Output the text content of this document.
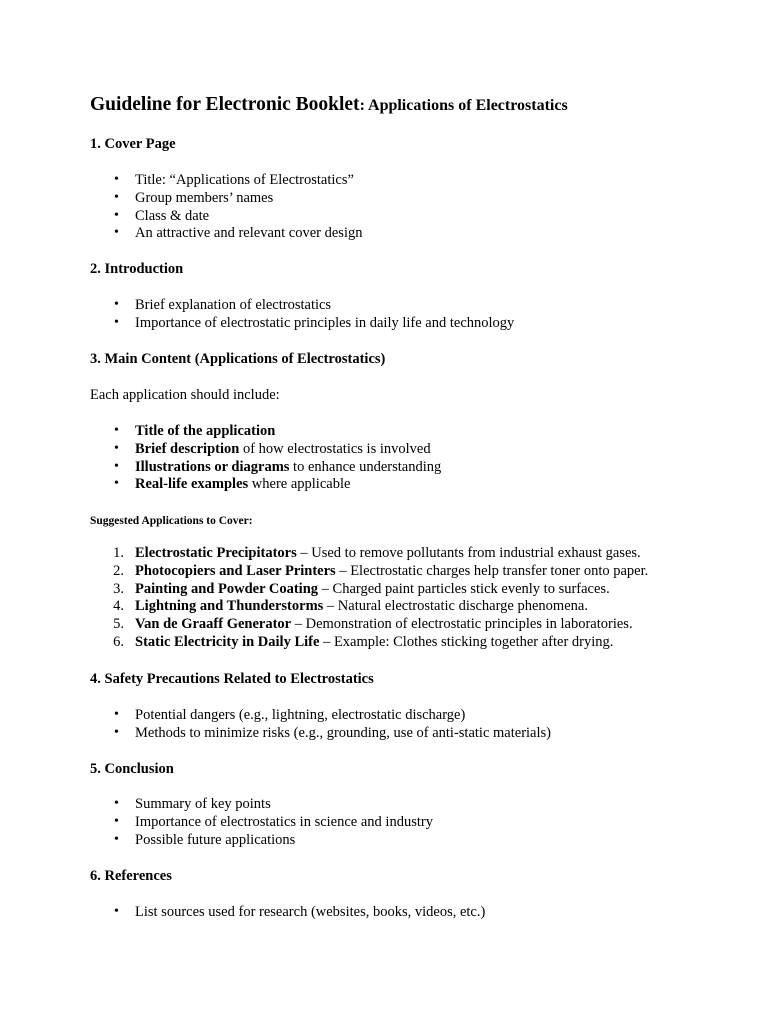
Guideline for Electronic Booklet: Applications of Electrostatics
1. Cover Page
• Title: “Applications of Electrostatics”
• Group members’ names
• Class & date
• An attractive and relevant cover design
2. Introduction
• Brief explanation of electrostatics
• Importance of electrostatic principles in daily life and technology
3. Main Content (Applications of Electrostatics)
Each application should include:
• Title of the application
• Brief description of how electrostatics is involved
• Illustrations or diagrams to enhance understanding
• Real-life examples where applicable
Suggested Applications to Cover:
1. Electrostatic Precipitators – Used to remove pollutants from industrial exhaust gases.
2. Photocopiers and Laser Printers – Electrostatic charges help transfer toner onto paper.
3. Painting and Powder Coating – Charged paint particles stick evenly to surfaces.
4. Lightning and Thunderstorms – Natural electrostatic discharge phenomena.
5. Van de Graaff Generator – Demonstration of electrostatic principles in laboratories.
6. Static Electricity in Daily Life – Example: Clothes sticking together after drying.
4. Safety Precautions Related to Electrostatics
• Potential dangers (e.g., lightning, electrostatic discharge)
• Methods to minimize risks (e.g., grounding, use of anti-static materials)
5. Conclusion
• Summary of key points
• Importance of electrostatics in science and industry
• Possible future applications
6. References
• List sources used for research (websites, books, videos, etc.)
